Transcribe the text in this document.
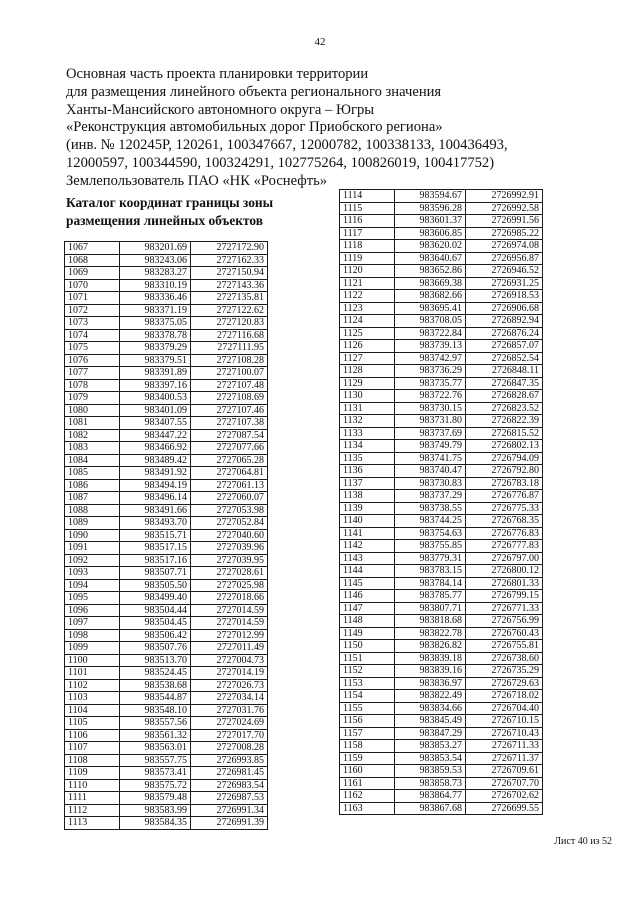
42
Основная часть проекта планировки территории
для размещения линейного объекта регионального значения
Ханты-Мансийского автономного округа – Югры
«Реконструкция автомобильных дорог Приобского региона»
(инв. № 120245Р, 120261, 100347667, 12000782, 100338133, 100436493,
12000597, 100344590, 100324291, 102775264, 100826019, 100417752)
Землепользователь ПАО «НК «Роснефть»
Каталог координат границы зоны
размещения линейных объектов
1067	983201.69	2727172.90
1068	983243.06	2727162.33
1069	983283.27	2727150.94
1070	983310.19	2727143.36
1071	983336.46	2727135.81
1072	983371.19	2727122.62
1073	983375.05	2727120.83
1074	983378.78	2727116.68
1075	983379.29	2727111.95
1076	983379.51	2727108.28
1077	983391.89	2727100.07
1078	983397.16	2727107.48
1079	983400.53	2727108.69
1080	983401.09	2727107.46
1081	983407.55	2727107.38
1082	983447.22	2727087.54
1083	983466.92	2727077.66
1084	983489.42	2727065.28
1085	983491.92	2727064.81
1086	983494.19	2727061.13
1087	983496.14	2727060.07
1088	983491.66	2727053.98
1089	983493.70	2727052.84
1090	983515.71	2727040.60
1091	983517.15	2727039.96
1092	983517.16	2727039.95
1093	983507.71	2727028.61
1094	983505.50	2727025.98
1095	983499.40	2727018.66
1096	983504.44	2727014.59
1097	983504.45	2727014.59
1098	983506.42	2727012.99
1099	983507.76	2727011.49
1100	983513.70	2727004.73
1101	983524.45	2727014.19
1102	983538.68	2727026.73
1103	983544.87	2727034.14
1104	983548.10	2727031.76
1105	983557.56	2727024.69
1106	983561.32	2727017.70
1107	983563.01	2727008.28
1108	983557.75	2726993.85
1109	983573.41	2726981.45
1110	983575.72	2726983.54
1111	983579.48	2726987.53
1112	983583.99	2726991.34
1113	983584.35	2726991.39
1114	983594.67	2726992.91
1115	983596.28	2726992.58
1116	983601.37	2726991.56
1117	983606.85	2726985.22
1118	983620.02	2726974.08
1119	983640.67	2726956.87
1120	983652.86	2726946.52
1121	983669.38	2726931.25
1122	983682.66	2726918.53
1123	983695.41	2726906.68
1124	983708.05	2726892.94
1125	983722.84	2726876.24
1126	983739.13	2726857.07
1127	983742.97	2726852.54
1128	983736.29	2726848.11
1129	983735.77	2726847.35
1130	983722.76	2726828.67
1131	983730.15	2726823.52
1132	983731.80	2726822.39
1133	983737.69	2726815.52
1134	983749.79	2726802.13
1135	983741.75	2726794.09
1136	983740.47	2726792.80
1137	983730.83	2726783.18
1138	983737.29	2726776.87
1139	983738.55	2726775.33
1140	983744.25	2726768.35
1141	983754.63	2726776.83
1142	983755.85	2726777.83
1143	983779.31	2726797.00
1144	983783.15	2726800.12
1145	983784.14	2726801.33
1146	983785.77	2726799.15
1147	983807.71	2726771.33
1148	983818.68	2726756.99
1149	983822.78	2726760.43
1150	983826.82	2726755.81
1151	983839.18	2726738.60
1152	983839.16	2726735.29
1153	983836.97	2726729.63
1154	983822.49	2726718.02
1155	983834.66	2726704.40
1156	983845.49	2726710.15
1157	983847.29	2726710.43
1158	983853.27	2726711.33
1159	983853.54	2726711.37
1160	983859.53	2726709.61
1161	983858.73	2726707.70
1162	983864.77	2726702.62
1163	983867.68	2726699.55
Лист 40 из 52
